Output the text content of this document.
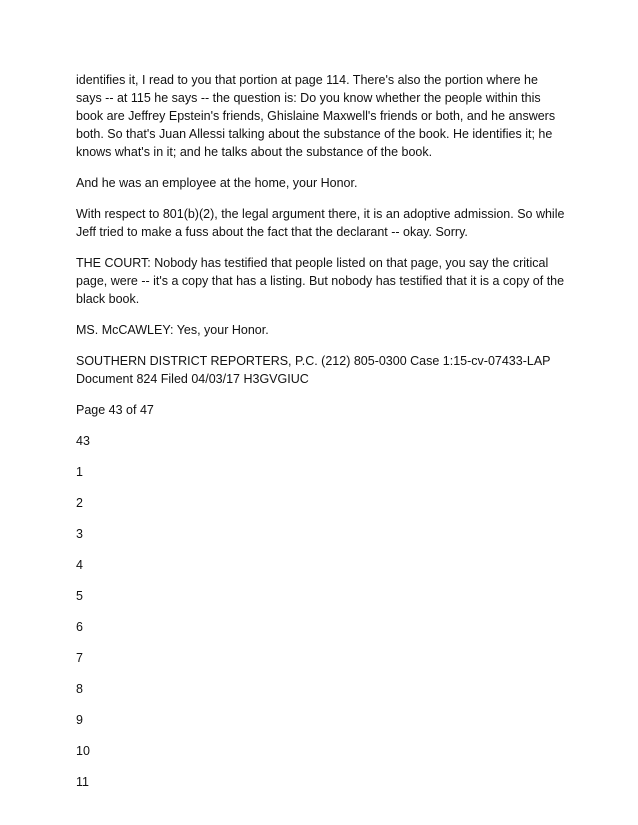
identifies it, I read to you that portion at page 114. There's also the portion where he says -- at 115 he says -- the question is: Do you know whether the people within this book are Jeffrey Epstein's friends, Ghislaine Maxwell's friends or both, and he answers both. So that's Juan Allessi talking about the substance of the book. He identifies it; he knows what's in it; and he talks about the substance of the book.

And he was an employee at the home, your Honor.

With respect to 801(b)(2), the legal argument there, it is an adoptive admission. So while Jeff tried to make a fuss about the fact that the declarant -- okay. Sorry.

THE COURT: Nobody has testified that people listed on that page, you say the critical page, were -- it's a copy that has a listing. But nobody has testified that it is a copy of the black book.

MS. McCAWLEY: Yes, your Honor.

SOUTHERN DISTRICT REPORTERS, P.C. (212) 805-0300 Case 1:15-cv-07433-LAP Document 824 Filed 04/03/17 H3GVGIUC

Page 43 of 47

43

1
2
3
4
5
6
7
8
9
10
11
